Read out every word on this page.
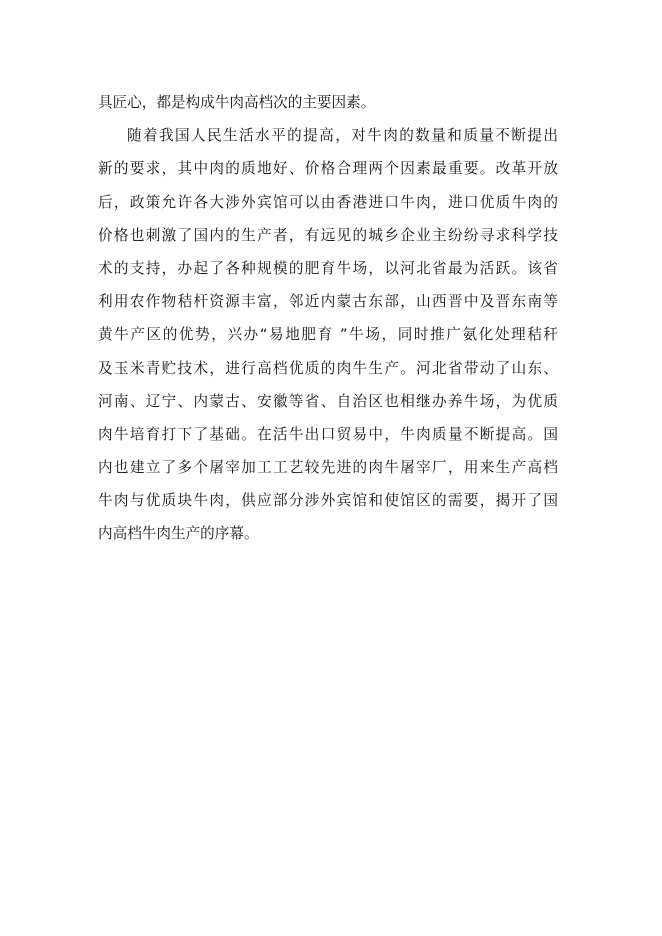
具匠心，都是构成牛肉高档次的主要因素。
随着我国人民生活水平的提高，对牛肉的数量和质量不断提出
新的要求，其中肉的质地好、价格合理两个因素最重要。改革开放
后，政策允许各大涉外宾馆可以由香港进口牛肉，进口优质牛肉的
价格也刺激了国内的生产者，有远见的城乡企业主纷纷寻求科学技
术的支持，办起了各种规模的肥育牛场，以河北省最为活跃。该省
利用农作物秸杆资源丰富，邻近内蒙古东部，山西晋中及晋东南等
黄牛产区的优势，兴办“易地肥育 ”牛场，同时推广氨化处理秸秆
及玉米青贮技术，进行高档优质的肉牛生产。河北省带动了山东、
河南、辽宁、内蒙古、安徽等省、自治区也相继办养牛场，为优质
肉牛培育打下了基础。在活牛出口贸易中，牛肉质量不断提高。国
内也建立了多个屠宰加工工艺较先进的肉牛屠宰厂，用来生产高档
牛肉与优质块牛肉，供应部分涉外宾馆和使馆区的需要，揭开了国
内高档牛肉生产的序幕。
